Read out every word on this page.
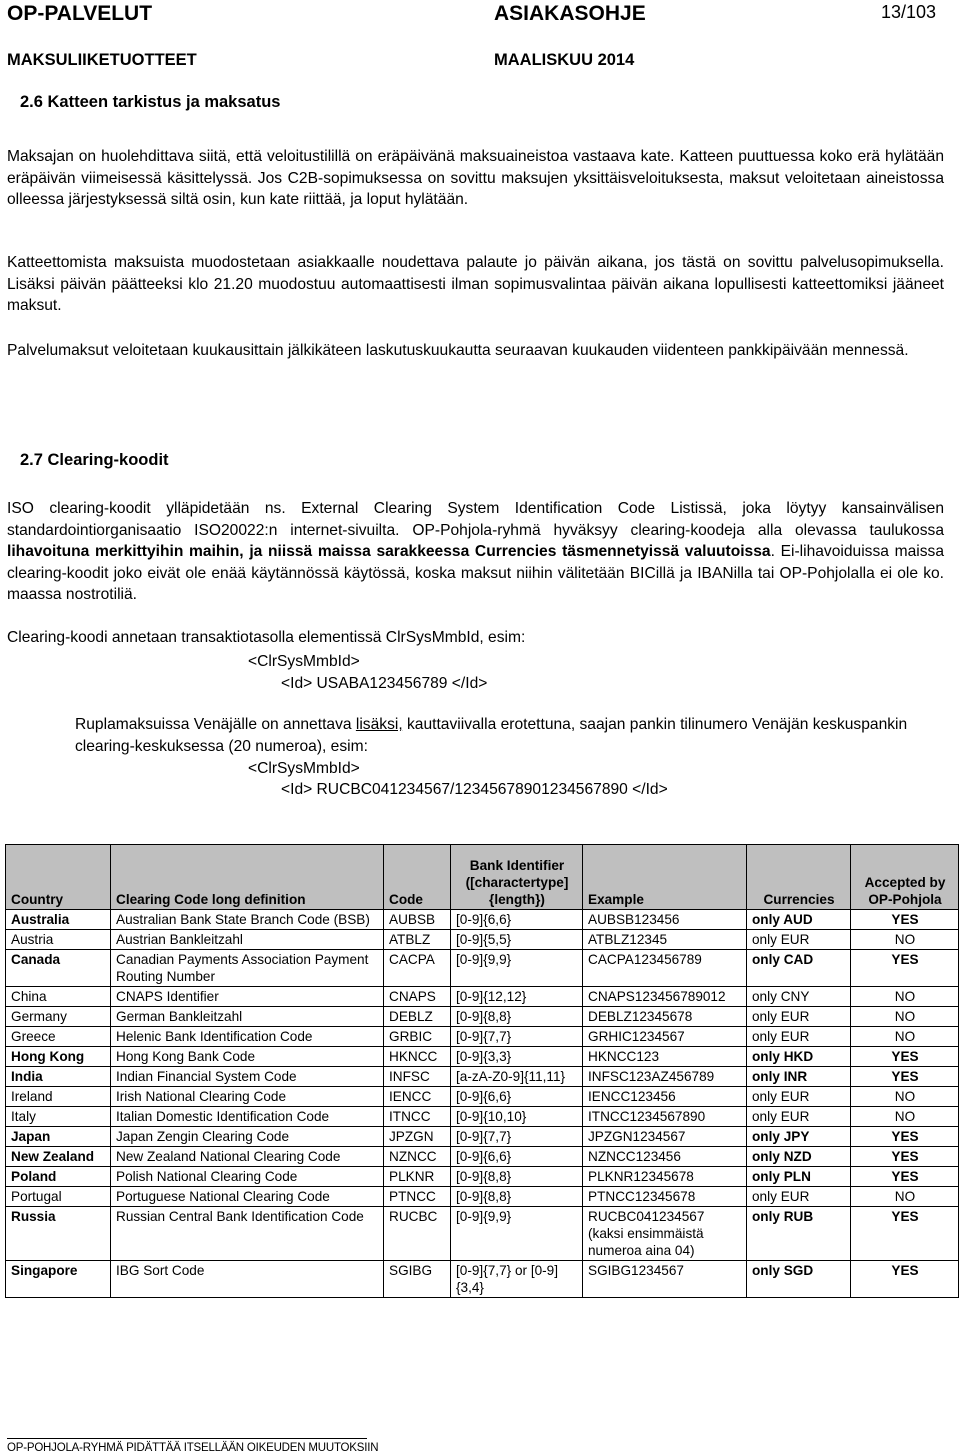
OP-PALVELUT	ASIAKASOHJE	13/103
MAKSULIIKETUOTTEET	MAALISKUU 2014
2.6 Katteen tarkistus ja maksatus
Maksajan on huolehdittava siitä, että veloitustilillä on eräpäivänä maksuaineistoa vastaava kate. Katteen puuttuessa koko erä hylätään eräpäivän viimeisessä käsittelyssä. Jos C2B-sopimuksessa on sovittu maksujen yksittäisveloituksesta, maksut veloitetaan aineistossa olleessa järjestyksessä siltä osin, kun kate riittää, ja loput hylätään.
Katteettomista maksuista muodostetaan asiakkaalle noudettava palaute jo päivän aikana, jos tästä on sovittu palvelusopimuksella. Lisäksi päivän päätteeksi klo 21.20 muodostuu automaattisesti ilman sopimusvalintaa päivän aikana lopullisesti katteettomiksi jääneet maksut.
Palvelumaksut veloitetaan kuukausittain jälkikäteen laskutuskuukautta seuraavan kuukauden viidenteen pankkipäivään mennessä.
2.7 Clearing-koodit
ISO clearing-koodit ylläpidetään ns. External Clearing System Identification Code Listissä, joka löytyy kansainvälisen standardointiorganisaatio ISO20022:n internet-sivuilta. OP-Pohjola-ryhmä hyväksyy clearing-koodeja alla olevassa taulukossa lihavoituna merkittyihin maihin, ja niissä maissa sarakkeessa Currencies täsmennetyissä valuutoissa. Ei-lihavoiduissa maissa clearing-koodit joko eivät ole enää käytännössä käytössä, koska maksut niihin välitetään BICillä ja IBANilla tai OP-Pohjolalla ei ole ko. maassa nostrotiliä.
Clearing-koodi annetaan transaktiotasolla elementissä ClrSysMmbId, esim:
<ClrSysMmbId>
<Id> USABA123456789 </Id>
Ruplamaksuissa Venäjälle on annettava lisäksi, kauttaviivalla erotettuna, saajan pankin tilinumero Venäjän keskuspankin clearing-keskuksessa (20 numeroa), esim:
<ClrSysMmbId>
<Id> RUCBC041234567/12345678901234567890 </Id>
Country	Clearing Code long definition	Code	Bank Identifier ([charactertype] {length})	Example	Currencies	Accepted by OP-Pohjola
Australia	Australian Bank State Branch Code (BSB)	AUBSB	[0-9]{6,6}	AUBSB123456	only AUD	YES
Austria	Austrian Bankleitzahl	ATBLZ	[0-9]{5,5}	ATBLZ12345	only EUR	NO
Canada	Canadian Payments Association Payment Routing Number	CACPA	[0-9]{9,9}	CACPA123456789	only CAD	YES
China	CNAPS Identifier	CNAPS	[0-9]{12,12}	CNAPS123456789012	only CNY	NO
Germany	German Bankleitzahl	DEBLZ	[0-9]{8,8}	DEBLZ12345678	only EUR	NO
Greece	Helenic Bank Identification Code	GRBIC	[0-9]{7,7}	GRHIC1234567	only EUR	NO
Hong Kong	Hong Kong Bank Code	HKNCC	[0-9]{3,3}	HKNCC123	only HKD	YES
India	Indian Financial System Code	INFSC	[a-zA-Z0-9]{11,11}	INFSC123AZ456789	only INR	YES
Ireland	Irish National Clearing Code	IENCC	[0-9]{6,6}	IENCC123456	only EUR	NO
Italy	Italian Domestic Identification Code	ITNCC	[0-9]{10,10}	ITNCC1234567890	only EUR	NO
Japan	Japan Zengin Clearing Code	JPZGN	[0-9]{7,7}	JPZGN1234567	only JPY	YES
New Zealand	New Zealand National Clearing Code	NZNCC	[0-9]{6,6}	NZNCC123456	only NZD	YES
Poland	Polish National Clearing Code	PLKNR	[0-9]{8,8}	PLKNR12345678	only PLN	YES
Portugal	Portuguese National Clearing Code	PTNCC	[0-9]{8,8}	PTNCC12345678	only EUR	NO
Russia	Russian Central Bank Identification Code	RUCBC	[0-9]{9,9}	RUCBC041234567 (kaksi ensimmäistä numeroa aina 04)	only RUB	YES
Singapore	IBG Sort Code	SGIBG	[0-9]{7,7} or [0-9]{3,4}	SGIBG1234567	only SGD	YES
OP-POHJOLA-RYHMÄ PIDÄTTÄÄ ITSELLÄÄN OIKEUDEN MUUTOKSIIN
